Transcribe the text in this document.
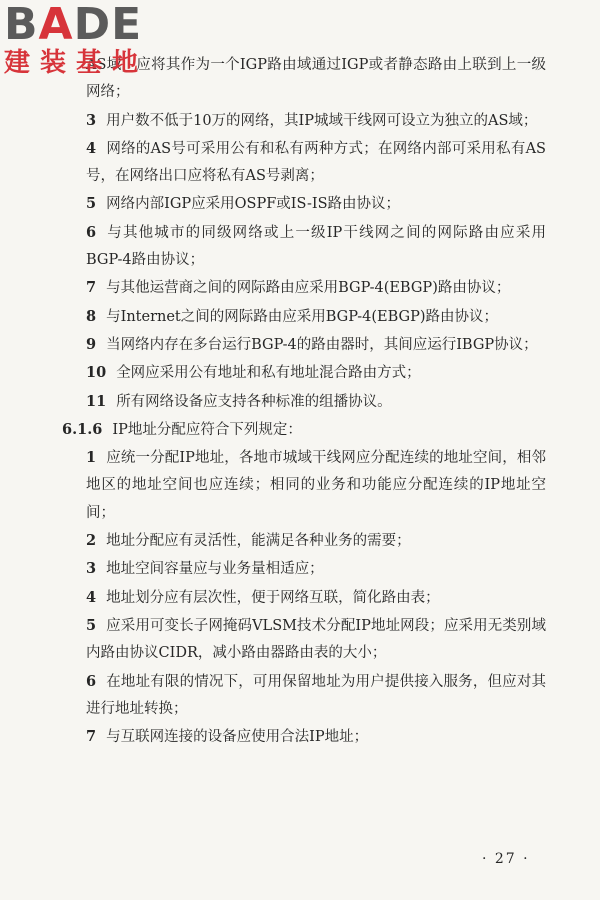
BADE
建装基地

AS域，应将其作为一个IGP路由域通过IGP或者静态路由上联到上一级网络；

3 用户数不低于10万的网络，其IP城域干线网可设立为独立的AS域；

4 网络的AS号可采用公有和私有两种方式；在网络内部可采用私有AS号，在网络出口应将私有AS号剥离；

5 网络内部IGP应采用OSPF或IS-IS路由协议；

6 与其他城市的同级网络或上一级IP干线网之间的网际路由应采用BGP-4路由协议；

7 与其他运营商之间的网际路由应采用BGP-4(EBGP)路由协议；

8 与Internet之间的网际路由应采用BGP-4(EBGP)路由协议；

9 当网络内存在多台运行BGP-4的路由器时，其间应运行IBGP协议；

10 全网应采用公有地址和私有地址混合路由方式；

11 所有网络设备应支持各种标准的组播协议。

6.1.6 IP地址分配应符合下列规定：

1 应统一分配IP地址，各地市城域干线网应分配连续的地址空间，相邻地区的地址空间也应连续；相同的业务和功能应分配连续的IP地址空间；

2 地址分配应有灵活性，能满足各种业务的需要；

3 地址空间容量应与业务量相适应；

4 地址划分应有层次性，便于网络互联，简化路由表；

5 应采用可变长子网掩码VLSM技术分配IP地址网段；应采用无类别域内路由协议CIDR，减小路由器路由表的大小；

6 在地址有限的情况下，可用保留地址为用户提供接入服务，但应对其进行地址转换；

7 与互联网连接的设备应使用合法IP地址；

· 27 ·
